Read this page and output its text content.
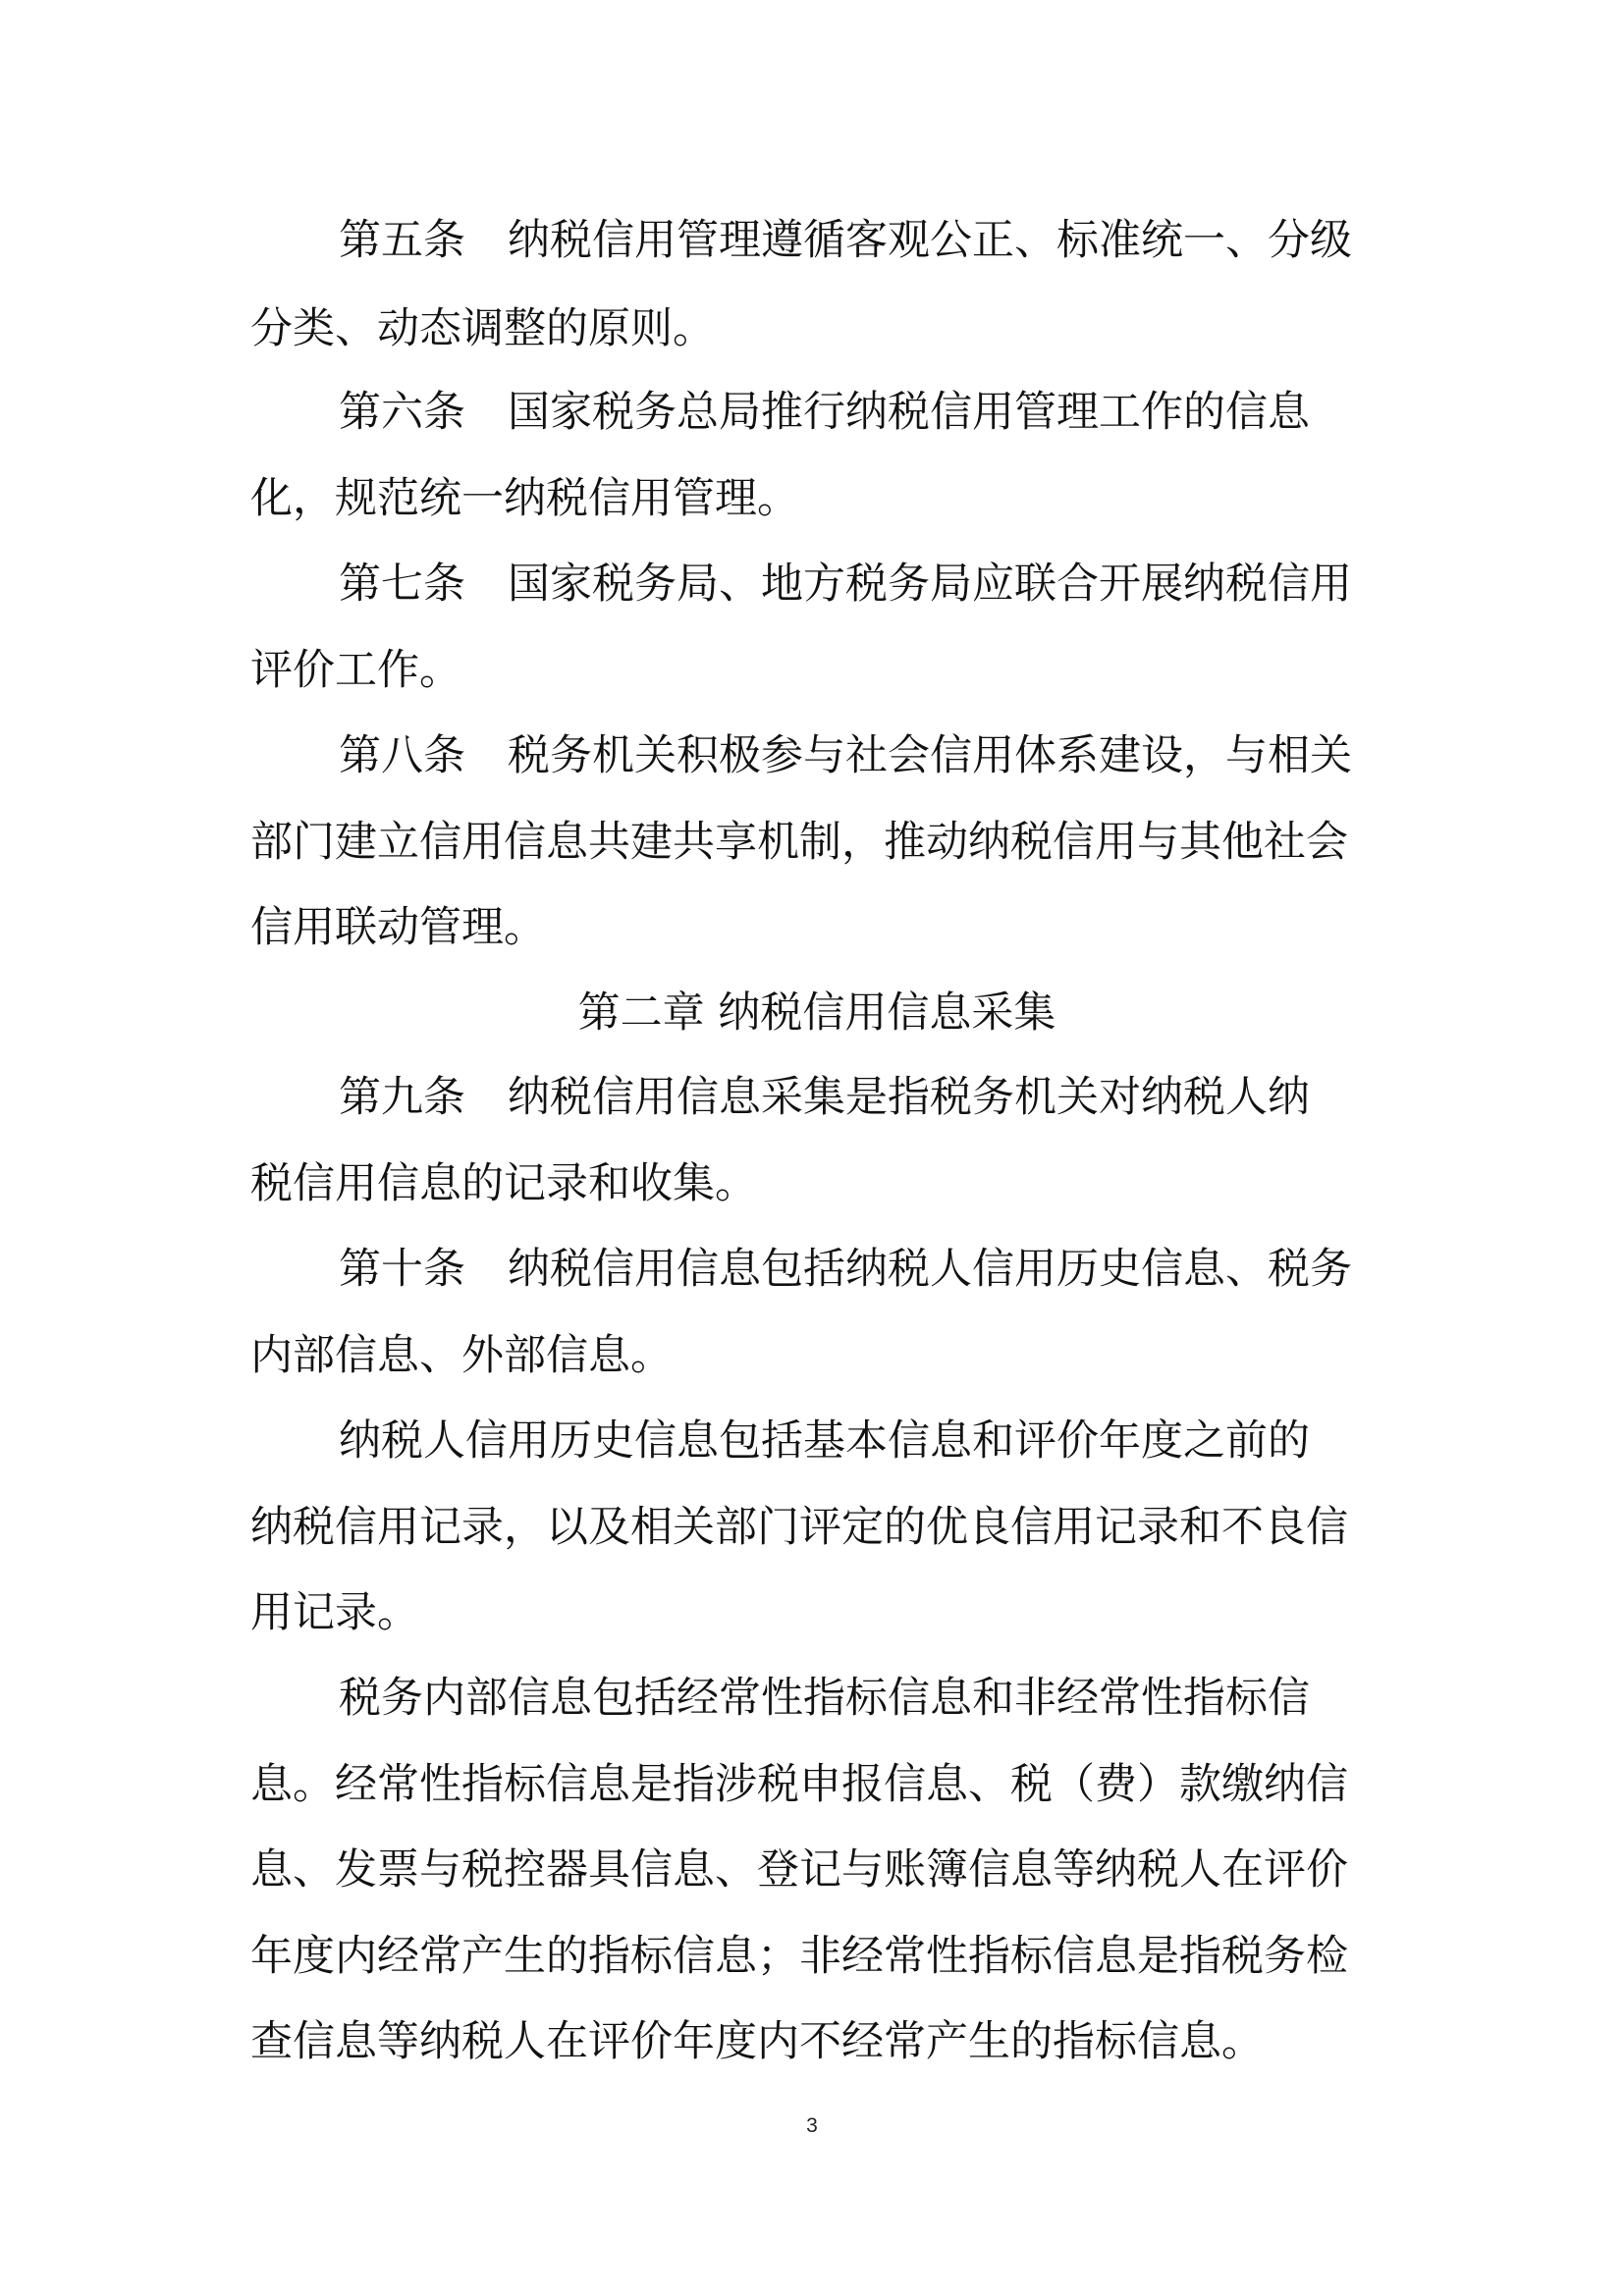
第五条　纳税信用管理遵循客观公正、标准统一、分级
分类、动态调整的原则。
第六条　国家税务总局推行纳税信用管理工作的信息
化，规范统一纳税信用管理。
第七条　国家税务局、地方税务局应联合开展纳税信用
评价工作。
第八条　税务机关积极参与社会信用体系建设，与相关
部门建立信用信息共建共享机制，推动纳税信用与其他社会
信用联动管理。
第二章 纳税信用信息采集
第九条　纳税信用信息采集是指税务机关对纳税人纳
税信用信息的记录和收集。
第十条　纳税信用信息包括纳税人信用历史信息、税务
内部信息、外部信息。
纳税人信用历史信息包括基本信息和评价年度之前的
纳税信用记录，以及相关部门评定的优良信用记录和不良信
用记录。
税务内部信息包括经常性指标信息和非经常性指标信
息。经常性指标信息是指涉税申报信息、税（费）款缴纳信
息、发票与税控器具信息、登记与账簿信息等纳税人在评价
年度内经常产生的指标信息；非经常性指标信息是指税务检
查信息等纳税人在评价年度内不经常产生的指标信息。
3
